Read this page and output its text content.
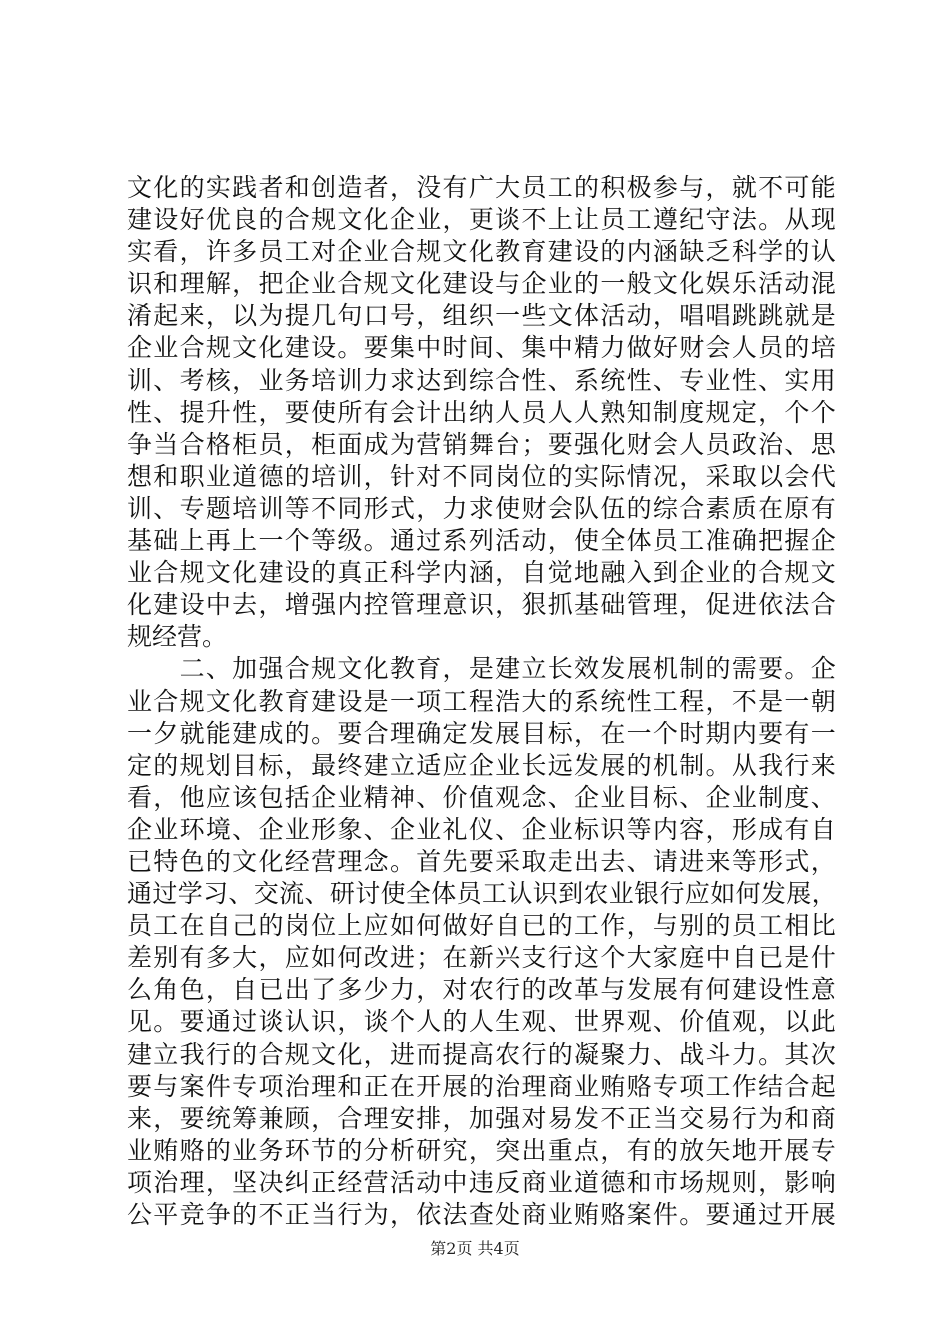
文化的实践者和创造者，没有广大员工的积极参与，就不可能
建设好优良的合规文化企业，更谈不上让员工遵纪守法。从现
实看，许多员工对企业合规文化教育建设的内涵缺乏科学的认
识和理解，把企业合规文化建设与企业的一般文化娱乐活动混
淆起来，以为提几句口号，组织一些文体活动，唱唱跳跳就是
企业合规文化建设。要集中时间、集中精力做好财会人员的培
训、考核，业务培训力求达到综合性、系统性、专业性、实用
性、提升性，要使所有会计出纳人员人人熟知制度规定，个个
争当合格柜员，柜面成为营销舞台；要强化财会人员政治、思
想和职业道德的培训，针对不同岗位的实际情况，采取以会代
训、专题培训等不同形式，力求使财会队伍的综合素质在原有
基础上再上一个等级。通过系列活动，使全体员工准确把握企
业合规文化建设的真正科学内涵，自觉地融入到企业的合规文
化建设中去，增强内控管理意识，狠抓基础管理，促进依法合
规经营。
　　二、加强合规文化教育，是建立长效发展机制的需要。企
业合规文化教育建设是一项工程浩大的系统性工程，不是一朝
一夕就能建成的。要合理确定发展目标，在一个时期内要有一
定的规划目标，最终建立适应企业长远发展的机制。从我行来
看，他应该包括企业精神、价值观念、企业目标、企业制度、
企业环境、企业形象、企业礼仪、企业标识等内容，形成有自
已特色的文化经营理念。首先要采取走出去、请进来等形式，
通过学习、交流、研讨使全体员工认识到农业银行应如何发展，
员工在自己的岗位上应如何做好自已的工作，与别的员工相比
差别有多大，应如何改进；在新兴支行这个大家庭中自已是什
么角色，自已出了多少力，对农行的改革与发展有何建设性意
见。要通过谈认识，谈个人的人生观、世界观、价值观，以此
建立我行的合规文化，进而提高农行的凝聚力、战斗力。其次
要与案件专项治理和正在开展的治理商业贿赂专项工作结合起
来，要统筹兼顾，合理安排，加强对易发不正当交易行为和商
业贿赂的业务环节的分析研究，突出重点，有的放矢地开展专
项治理，坚决纠正经营活动中违反商业道德和市场规则，影响
公平竞争的不正当行为，依法查处商业贿赂案件。要通过开展
第2页 共4页
